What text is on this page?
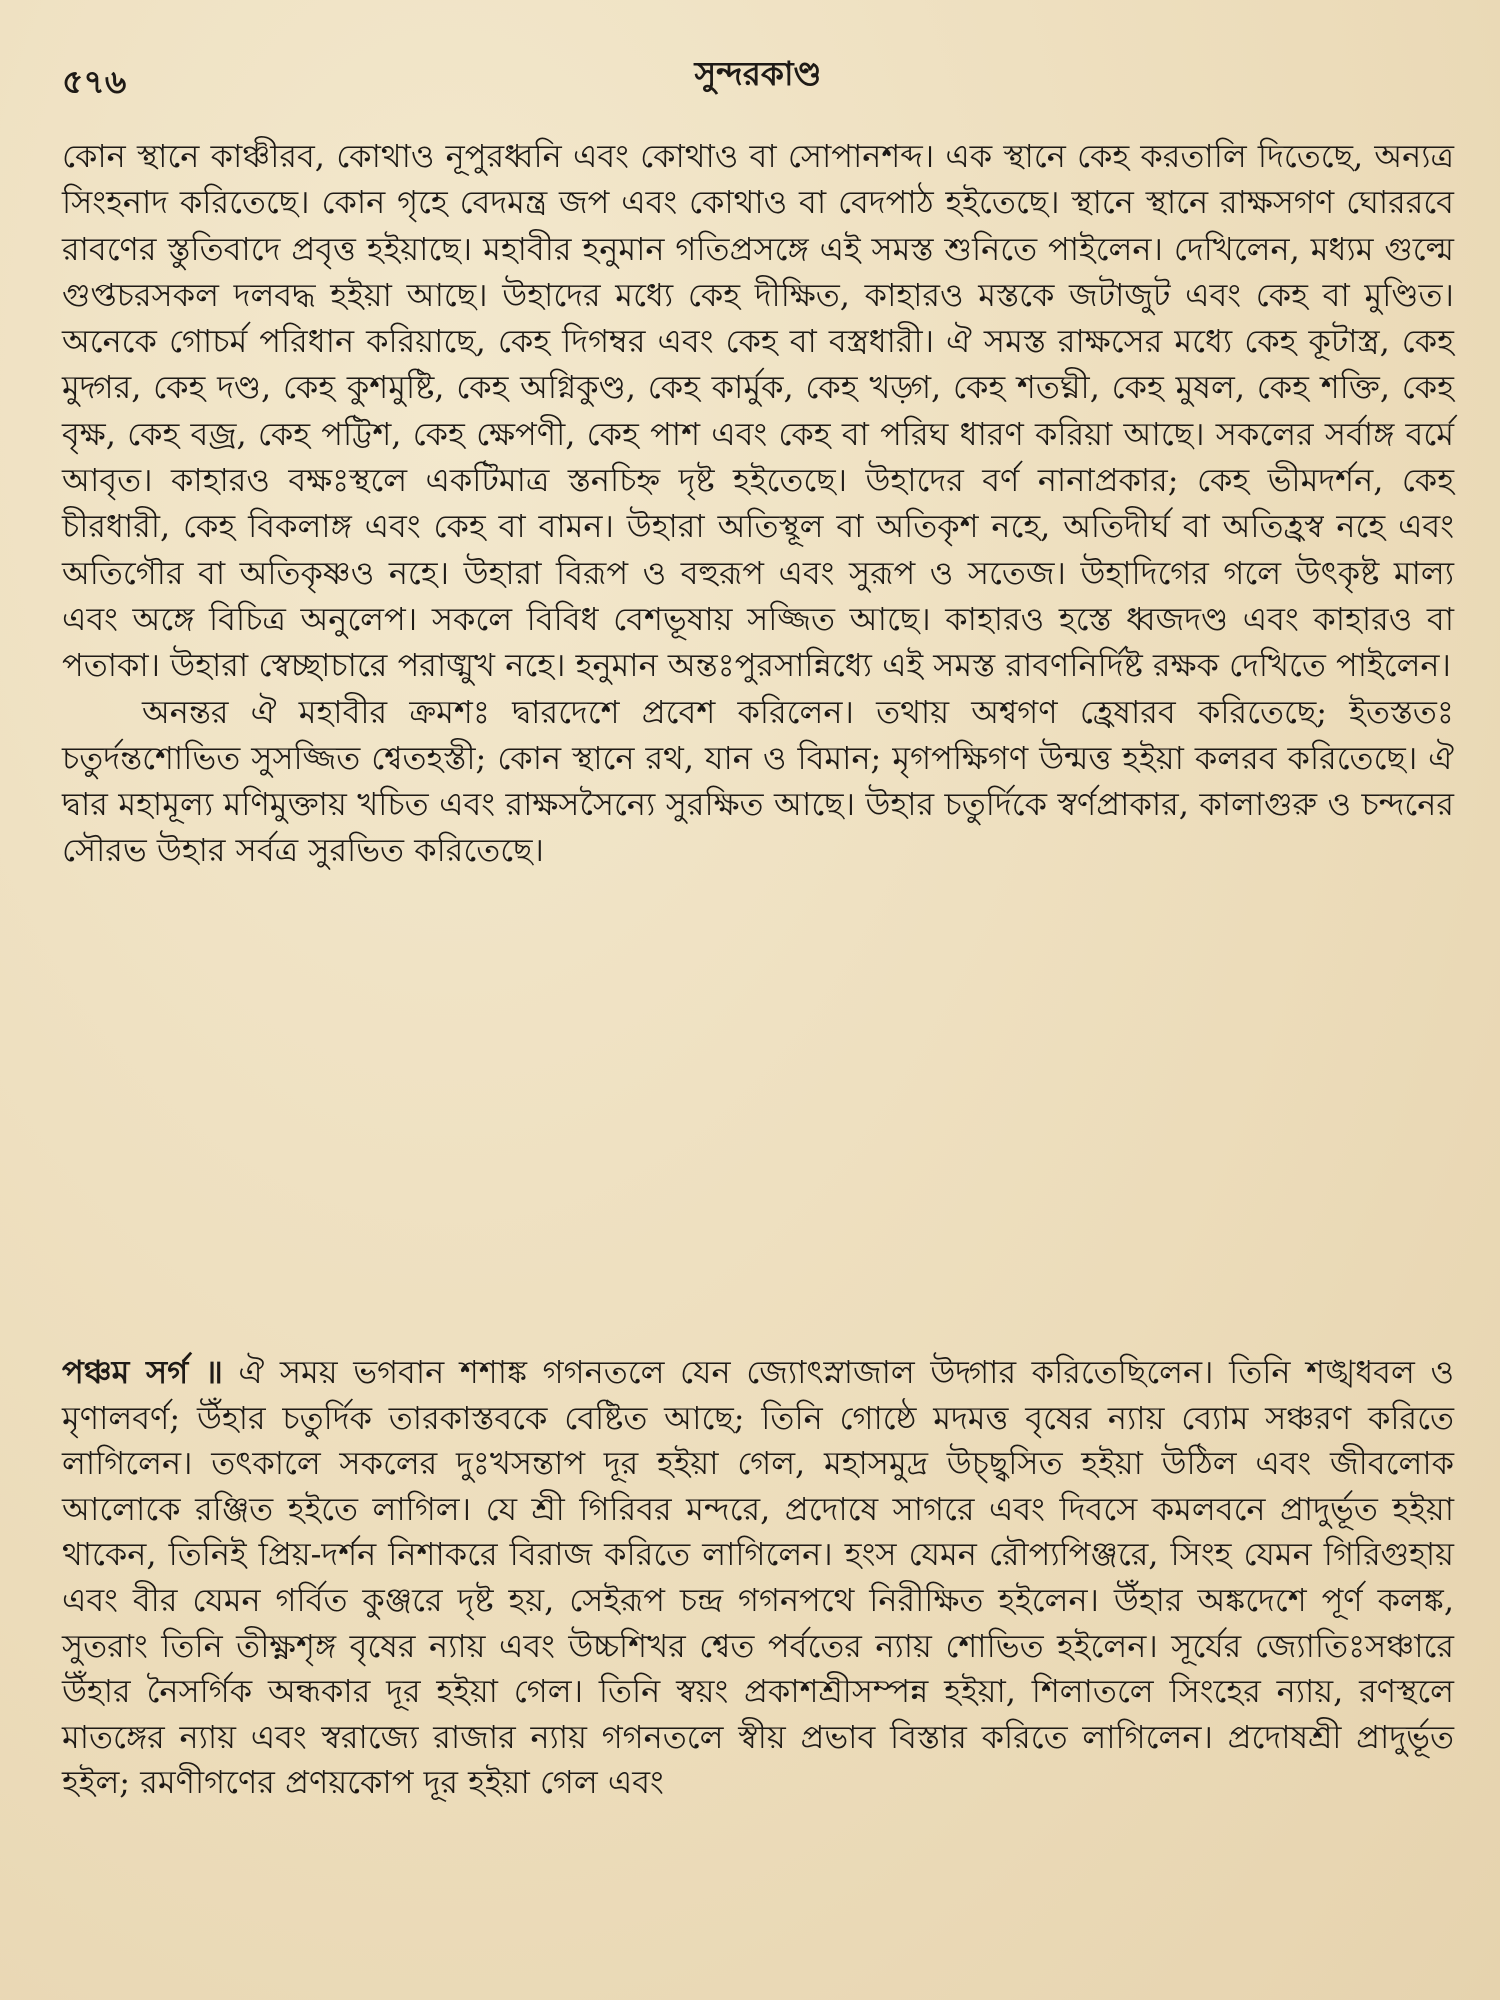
৫৭৬	সুন্দরকাণ্ড

কোন স্থানে কাঞ্চীরব, কোথাও নূপুরধ্বনি এবং কোথাও বা সোপানশব্দ। এক স্থানে কেহ করতালি দিতেছে, অন্যত্র সিংহনাদ করিতেছে। কোন গৃহে বেদমন্ত্র জপ এবং কোথাও বা বেদপাঠ হইতেছে। স্থানে স্থানে রাক্ষসগণ ঘোররবে রাবণের স্তুতিবাদে প্রবৃত্ত হইয়াছে। মহাবীর হনুমান গতিপ্রসঙ্গে এই সমস্ত শুনিতে পাইলেন। দেখিলেন, মধ্যম গুল্মে গুপ্তচরসকল দলবদ্ধ হইয়া আছে। উহাদের মধ্যে কেহ দীক্ষিত, কাহারও মস্তকে জটাজুট এবং কেহ বা মুণ্ডিত। অনেকে গোচর্ম পরিধান করিয়াছে, কেহ দিগম্বর এবং কেহ বা বস্ত্রধারী। ঐ সমস্ত রাক্ষসের মধ্যে কেহ কূটাস্ত্র, কেহ মুদ্গর, কেহ দণ্ড, কেহ কুশমুষ্টি, কেহ অগ্নিকুণ্ড, কেহ কার্মুক, কেহ খড়্গ, কেহ শতঘ্নী, কেহ মুষল, কেহ শক্তি, কেহ বৃক্ষ, কেহ বজ্র, কেহ পট্টিশ, কেহ ক্ষেপণী, কেহ পাশ এবং কেহ বা পরিঘ ধারণ করিয়া আছে। সকলের সর্বাঙ্গ বর্মে আবৃত। কাহারও বক্ষঃস্থলে একটিমাত্র স্তনচিহ্ন দৃষ্ট হইতেছে। উহাদের বর্ণ নানাপ্রকার; কেহ ভীমদর্শন, কেহ চীরধারী, কেহ বিকলাঙ্গ এবং কেহ বা বামন। উহারা অতিস্থূল বা অতিকৃশ নহে, অতিদীর্ঘ বা অতিহ্রস্ব নহে এবং অতিগৌর বা অতিকৃষ্ণও নহে। উহারা বিরূপ ও বহুরূপ এবং সুরূপ ও সতেজ। উহাদিগের গলে উৎকৃষ্ট মাল্য এবং অঙ্গে বিচিত্র অনুলেপ। সকলে বিবিধ বেশভূষায় সজ্জিত আছে। কাহারও হস্তে ধ্বজদণ্ড এবং কাহারও বা পতাকা। উহারা স্বেচ্ছাচারে পরাঙ্মুখ নহে। হনুমান অন্তঃপুরসান্নিধ্যে এই সমস্ত রাবণনির্দিষ্ট রক্ষক দেখিতে পাইলেন।

অনন্তর ঐ মহাবীর ক্রমশঃ দ্বারদেশে প্রবেশ করিলেন। তথায় অশ্বগণ হ্রেষারব করিতেছে; ইতস্ততঃ চতুর্দন্তশোভিত সুসজ্জিত শ্বেতহস্তী; কোন স্থানে রথ, যান ও বিমান; মৃগপক্ষিগণ উন্মত্ত হইয়া কলরব করিতেছে। ঐ দ্বার মহামূল্য মণিমুক্তায় খচিত এবং রাক্ষসসৈন্যে সুরক্ষিত আছে। উহার চতুর্দিকে স্বর্ণপ্রাকার, কালাগুরু ও চন্দনের সৌরভ উহার সর্বত্র সুরভিত করিতেছে।

পঞ্চম সর্গ ॥ ঐ সময় ভগবান শশাঙ্ক গগনতলে যেন জ্যোৎস্নাজাল উদ্গার করিতেছিলেন। তিনি শঙ্খধবল ও মৃণালবর্ণ; উঁহার চতুর্দিক তারকাস্তবকে বেষ্টিত আছে; তিনি গোষ্ঠে মদমত্ত বৃষের ন্যায় ব্যোম সঞ্চরণ করিতে লাগিলেন। তৎকালে সকলের দুঃখসন্তাপ দূর হইয়া গেল, মহাসমুদ্র উচ্ছ্বসিত হইয়া উঠিল এবং জীবলোক আলোকে রঞ্জিত হইতে লাগিল। যে শ্রী গিরিবর মন্দরে, প্রদোষে সাগরে এবং দিবসে কমলবনে প্রাদুর্ভূত হইয়া থাকেন, তিনিই প্রিয়-দর্শন নিশাকরে বিরাজ করিতে লাগিলেন। হংস যেমন রৌপ্যপিঞ্জরে, সিংহ যেমন গিরিগুহায় এবং বীর যেমন গর্বিত কুঞ্জরে দৃষ্ট হয়, সেইরূপ চন্দ্র গগনপথে নিরীক্ষিত হইলেন। উঁহার অঙ্কদেশে পূর্ণ কলঙ্ক, সুতরাং তিনি তীক্ষ্ণশৃঙ্গ বৃষের ন্যায় এবং উচ্চশিখর শ্বেত পর্বতের ন্যায় শোভিত হইলেন। সূর্যের জ্যোতিঃসঞ্চারে উঁহার নৈসর্গিক অন্ধকার দূর হইয়া গেল। তিনি স্বয়ং প্রকাশশ্রীসম্পন্ন হইয়া, শিলাতলে সিংহের ন্যায়, রণস্থলে মাতঙ্গের ন্যায় এবং স্বরাজ্যে রাজার ন্যায় গগনতলে স্বীয় প্রভাব বিস্তার করিতে লাগিলেন। প্রদোষশ্রী প্রাদুর্ভূত হইল; রমণীগণের প্রণয়কোপ দূর হইয়া গেল এবং
